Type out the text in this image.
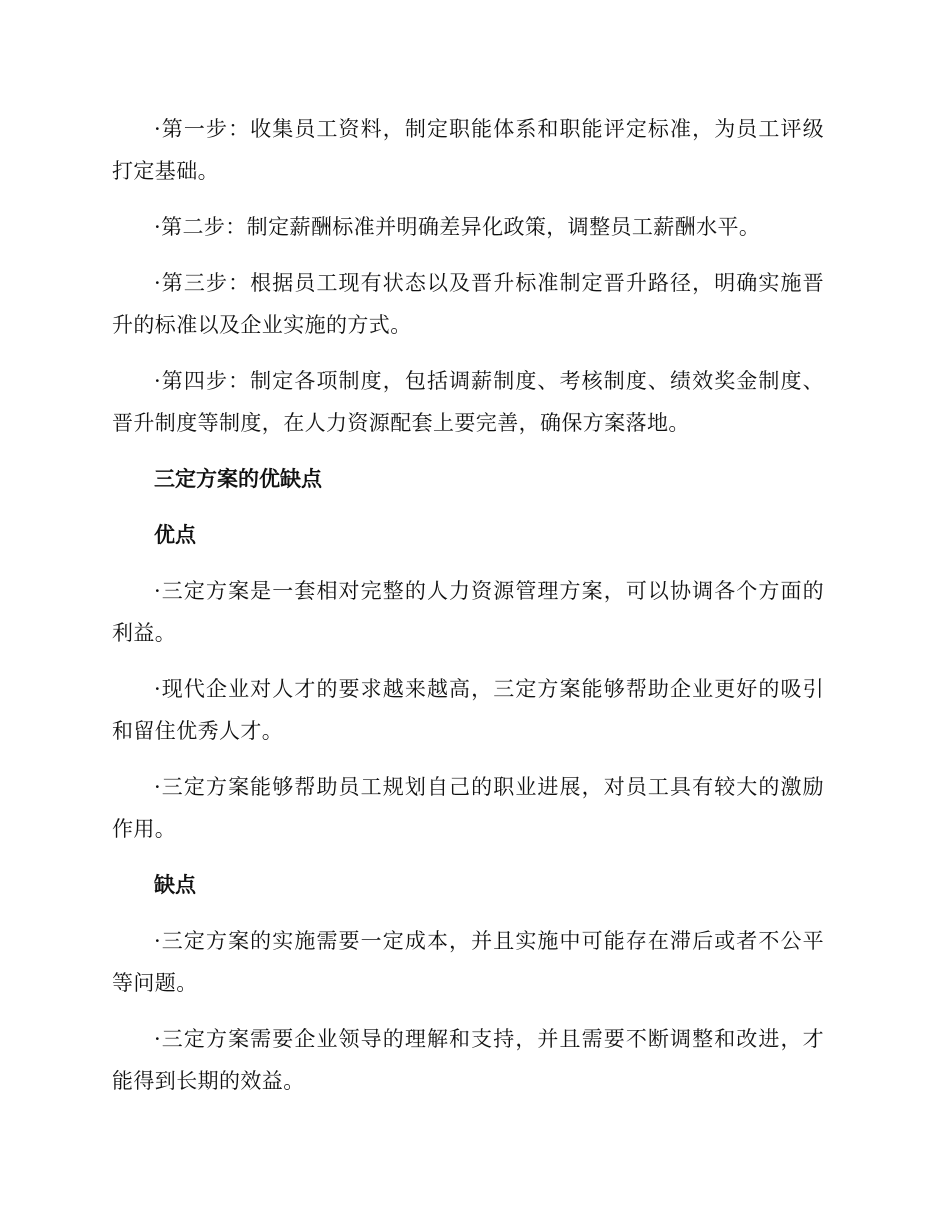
·第一步：收集员工资料，制定职能体系和职能评定标准，为员工评级打定基础。

·第二步：制定薪酬标准并明确差异化政策，调整员工薪酬水平。

·第三步：根据员工现有状态以及晋升标准制定晋升路径，明确实施晋升的标准以及企业实施的方式。

·第四步：制定各项制度，包括调薪制度、考核制度、绩效奖金制度、晋升制度等制度，在人力资源配套上要完善，确保方案落地。

三定方案的优缺点

优点

·三定方案是一套相对完整的人力资源管理方案，可以协调各个方面的利益。

·现代企业对人才的要求越来越高，三定方案能够帮助企业更好的吸引和留住优秀人才。

·三定方案能够帮助员工规划自己的职业进展，对员工具有较大的激励作用。

缺点

·三定方案的实施需要一定成本，并且实施中可能存在滞后或者不公平等问题。

·三定方案需要企业领导的理解和支持，并且需要不断调整和改进，才能得到长期的效益。
